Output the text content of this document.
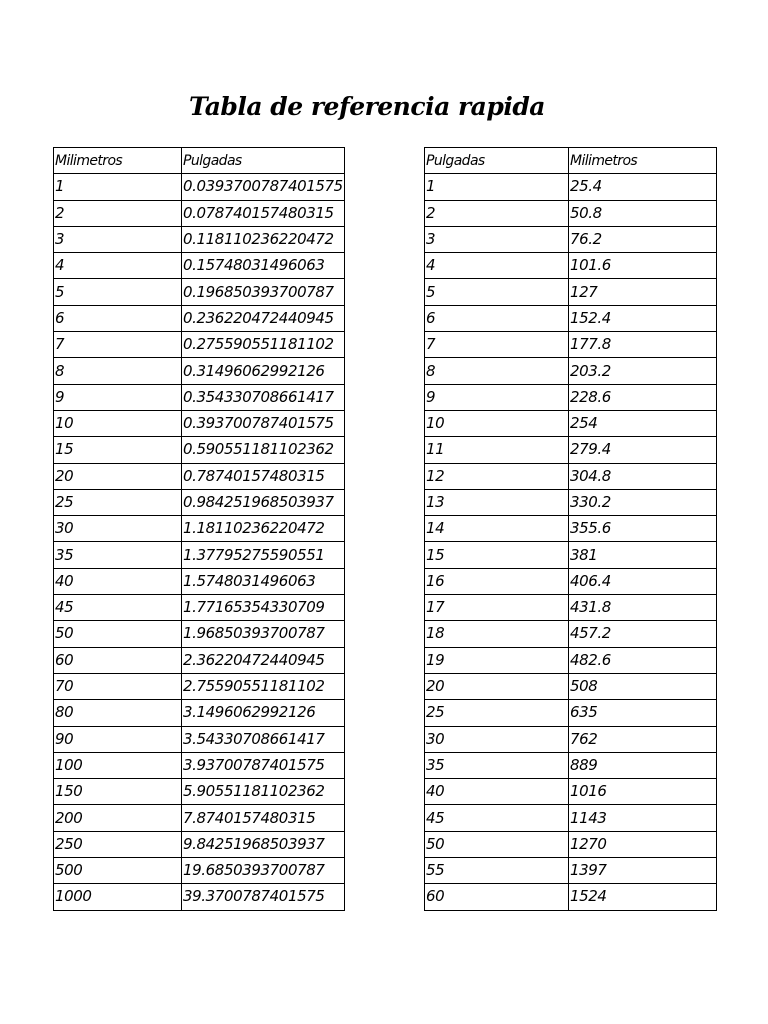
Tabla de referencia rapida
Milimetros	Pulgadas
1	0.0393700787401575
2	0.078740157480315
3	0.118110236220472
4	0.15748031496063
5	0.196850393700787
6	0.236220472440945
7	0.275590551181102
8	0.31496062992126
9	0.354330708661417
10	0.393700787401575
15	0.590551181102362
20	0.78740157480315
25	0.984251968503937
30	1.18110236220472
35	1.37795275590551
40	1.5748031496063
45	1.77165354330709
50	1.96850393700787
60	2.36220472440945
70	2.75590551181102
80	3.1496062992126
90	3.54330708661417
100	3.93700787401575
150	5.90551181102362
200	7.8740157480315
250	9.84251968503937
500	19.6850393700787
1000	39.3700787401575
Pulgadas	Milimetros
1	25.4
2	50.8
3	76.2
4	101.6
5	127
6	152.4
7	177.8
8	203.2
9	228.6
10	254
11	279.4
12	304.8
13	330.2
14	355.6
15	381
16	406.4
17	431.8
18	457.2
19	482.6
20	508
25	635
30	762
35	889
40	1016
45	1143
50	1270
55	1397
60	1524
